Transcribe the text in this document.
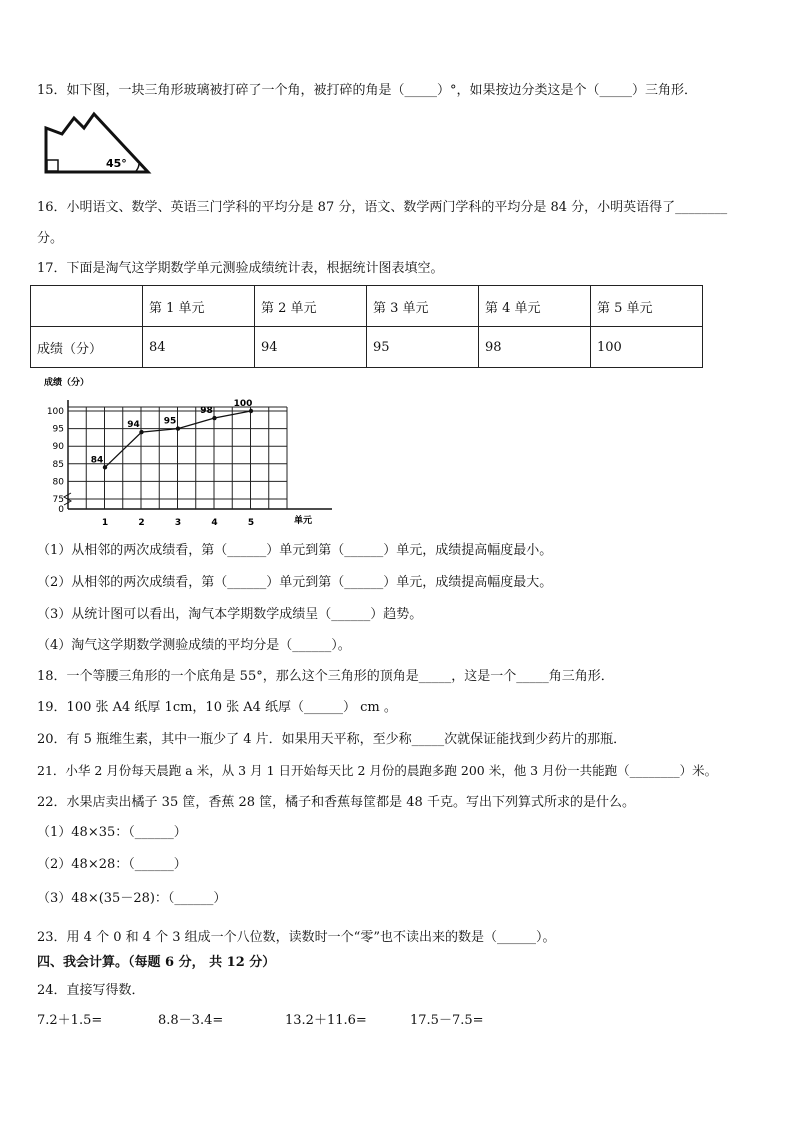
15．如下图，一块三角形玻璃被打碎了一个角，被打碎的角是（_____）°，如果按边分类这是个（_____）三角形．
45°
16．小明语文、数学、英语三门学科的平均分是 87 分，语文、数学两门学科的平均分是 84 分，小明英语得了________
分。
17．下面是淘气这学期数学单元测验成绩统计表，根据统计图表填空。
	第 1 单元	第 2 单元	第 3 单元	第 4 单元	第 5 单元
成绩（分）	84	94	95	98	100
成绩（分）
单元
100
95
90
85
80
75
0
1	2	3	4	5
84
94	95
98
100
（1）从相邻的两次成绩看，第（______）单元到第（______）单元，成绩提高幅度最小。
（2）从相邻的两次成绩看，第（______）单元到第（______）单元，成绩提高幅度最大。
（3）从统计图可以看出，淘气本学期数学成绩呈（______）趋势。
（4）淘气这学期数学测验成绩的平均分是（______）。
18．一个等腰三角形的一个底角是 55°，那么这个三角形的顶角是_____，这是一个_____角三角形．
19．100 张 A4 纸厚 1cm，10 张 A4 纸厚（______） cm 。
20．有 5 瓶维生素，其中一瓶少了 4 片．如果用天平称，至少称_____次就保证能找到少药片的那瓶．
21．小华 2 月份每天晨跑 a 米，从 3 月 1 日开始每天比 2 月份的晨跑多跑 200 米，他 3 月份一共能跑（________）米。
22．水果店卖出橘子 35 筐，香蕉 28 筐，橘子和香蕉每筐都是 48 千克。写出下列算式所求的是什么。
（1）48×35：（______）
（2）48×28：（______）
（3）48×(35－28)：（______）
23．用 4 个 0 和 4 个 3 组成一个八位数，读数时一个“零”也不读出来的数是（______）。
四、我会计算。（每题 6 分， 共 12 分）
24．直接写得数．
7.2＋1.5=	8.8－3.4=	13.2＋11.6=	17.5－7.5=
